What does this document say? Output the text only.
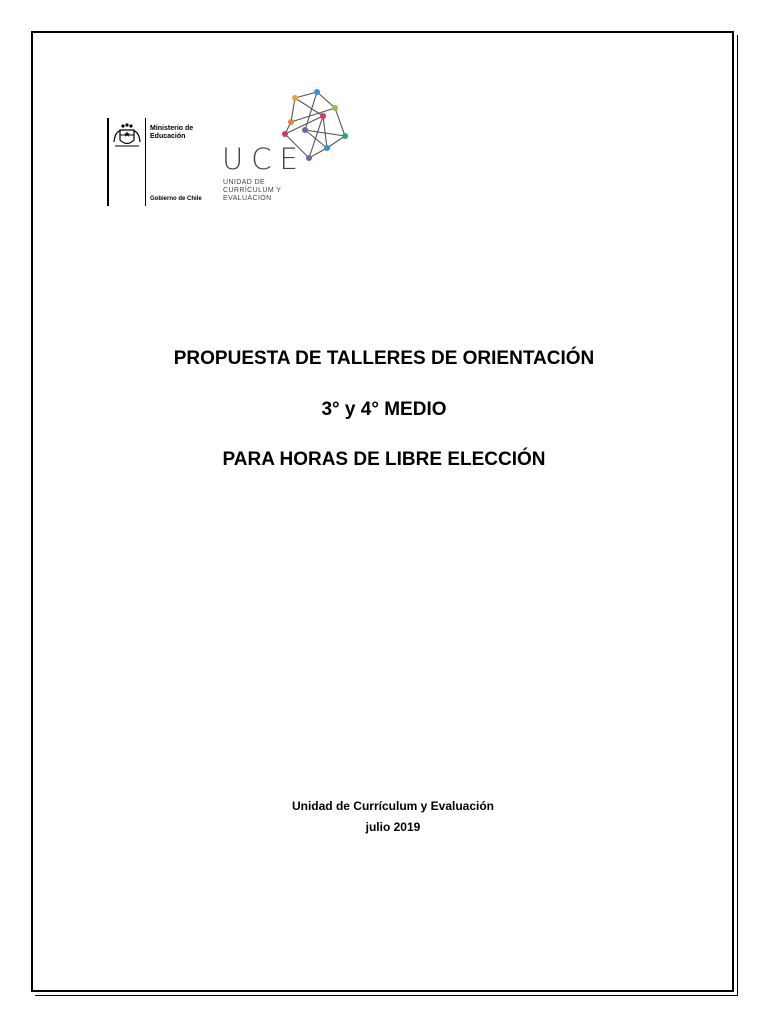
Ministerio de Educación
Gobierno de Chile
UCE
UNIDAD DE CURRÍCULUM Y EVALUACIÓN
PROPUESTA DE TALLERES DE ORIENTACIÓN
3° y 4° MEDIO
PARA HORAS DE LIBRE ELECCIÓN
Unidad de Currículum y Evaluación
julio 2019
